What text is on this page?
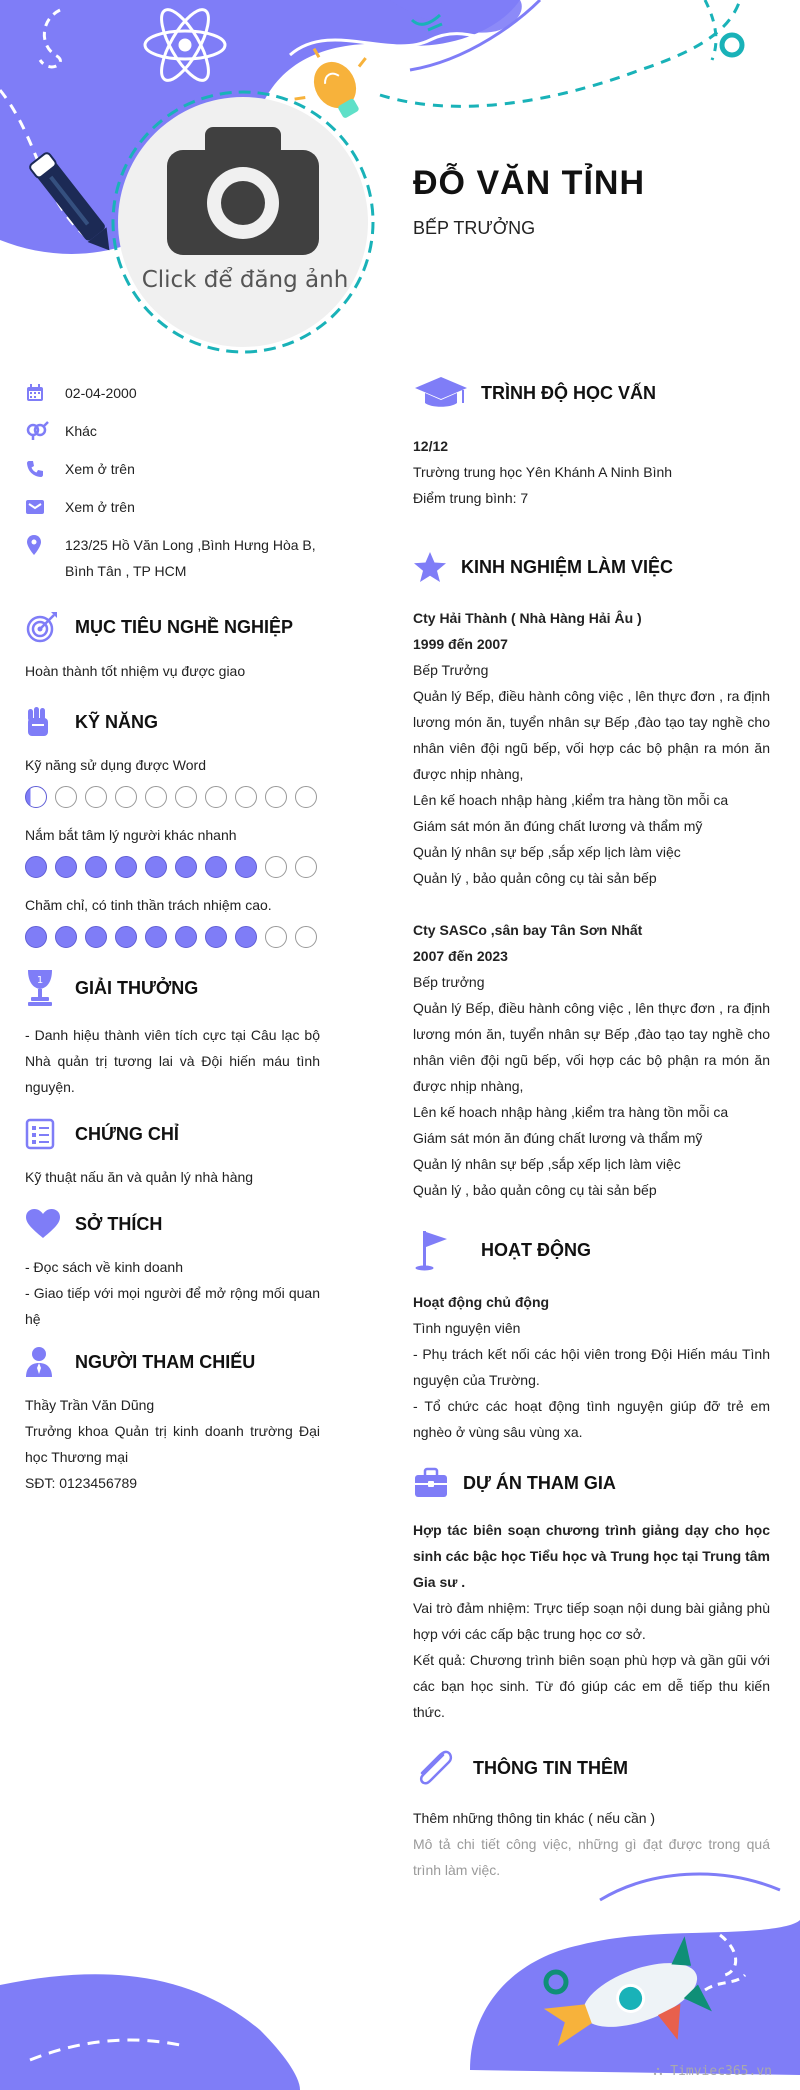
ĐỖ VĂN TỈNH
BẾP TRƯỞNG
Click để đăng ảnh
02-04-2000
Khác
Xem ở trên
Xem ở trên
123/25 Hồ Văn Long ,Bình Hưng Hòa B, Bình Tân , TP HCM
MỤC TIÊU NGHỀ NGHIỆP
Hoàn thành tốt nhiệm vụ được giao
KỸ NĂNG
Kỹ năng sử dụng được Word
Nắm bắt tâm lý người khác nhanh
Chăm chỉ, có tinh thần trách nhiệm cao.
1 GIẢI THƯỞNG
- Danh hiệu thành viên tích cực tại Câu lạc bộ Nhà quản trị tương lai và Đội hiến máu tình nguyện.
CHỨNG CHỈ
Kỹ thuật nấu ăn và quản lý nhà hàng
SỞ THÍCH
- Đọc sách về kinh doanh
- Giao tiếp với mọi người để mở rộng mối quan hệ
NGƯỜI THAM CHIẾU
Thầy Trần Văn Dũng
Trưởng khoa Quản trị kinh doanh trường Đại học Thương mại
SĐT: 0123456789
TRÌNH ĐỘ HỌC VẤN
12/12
Trường trung học Yên Khánh A Ninh Bình
Điểm trung bình: 7
KINH NGHIỆM LÀM VIỆC
Cty Hải Thành ( Nhà Hàng Hải Âu )
1999 đến 2007
Bếp Trưởng
Quản lý Bếp, điều hành công việc , lên thực đơn , ra định lương món ăn, tuyển nhân sự Bếp ,đào tạo tay nghề cho nhân viên đội ngũ bếp, vối hợp các bộ phận ra món ăn được nhịp nhàng,
Lên kế hoach nhập hàng ,kiểm tra hàng tồn mỗi ca
Giám sát món ăn đúng chất lương và thẩm mỹ
Quản lý nhân sự bếp ,sắp xếp lịch làm việc
Quản lý , bảo quản công cụ tài sản bếp
Cty SASCo ,sân bay Tân Sơn Nhất
2007 đến 2023
Bếp trưởng
Quản lý Bếp, điều hành công việc , lên thực đơn , ra định lương món ăn, tuyển nhân sự Bếp ,đào tạo tay nghề cho nhân viên đội ngũ bếp, vối hợp các bộ phận ra món ăn được nhịp nhàng,
Lên kế hoach nhập hàng ,kiểm tra hàng tồn mỗi ca
Giám sát món ăn đúng chất lương và thẩm mỹ
Quản lý nhân sự bếp ,sắp xếp lịch làm việc
Quản lý , bảo quản công cụ tài sản bếp
HOẠT ĐỘNG
Hoạt động chủ động
Tình nguyện viên
- Phụ trách kết nối các hội viên trong Đội Hiến máu Tình nguyện của Trường.
- Tổ chức các hoạt động tình nguyện giúp đỡ trẻ em nghèo ở vùng sâu vùng xa.
DỰ ÁN THAM GIA
Hợp tác biên soạn chương trình giảng dạy cho học sinh các bậc học Tiểu học và Trung học tại Trung tâm Gia sư .
Vai trò đảm nhiệm: Trực tiếp soạn nội dung bài giảng phù hợp với các cấp bậc trung học cơ sở.
Kết quả: Chương trình biên soạn phù hợp và gần gũi với các bạn học sinh. Từ đó giúp các em dễ tiếp thu kiến thức.
THÔNG TIN THÊM
Thêm những thông tin khác ( nếu cần )
Mô tả chi tiết công việc, những gì đạt được trong quá trình làm việc.
⛬ Timviec365.vn
